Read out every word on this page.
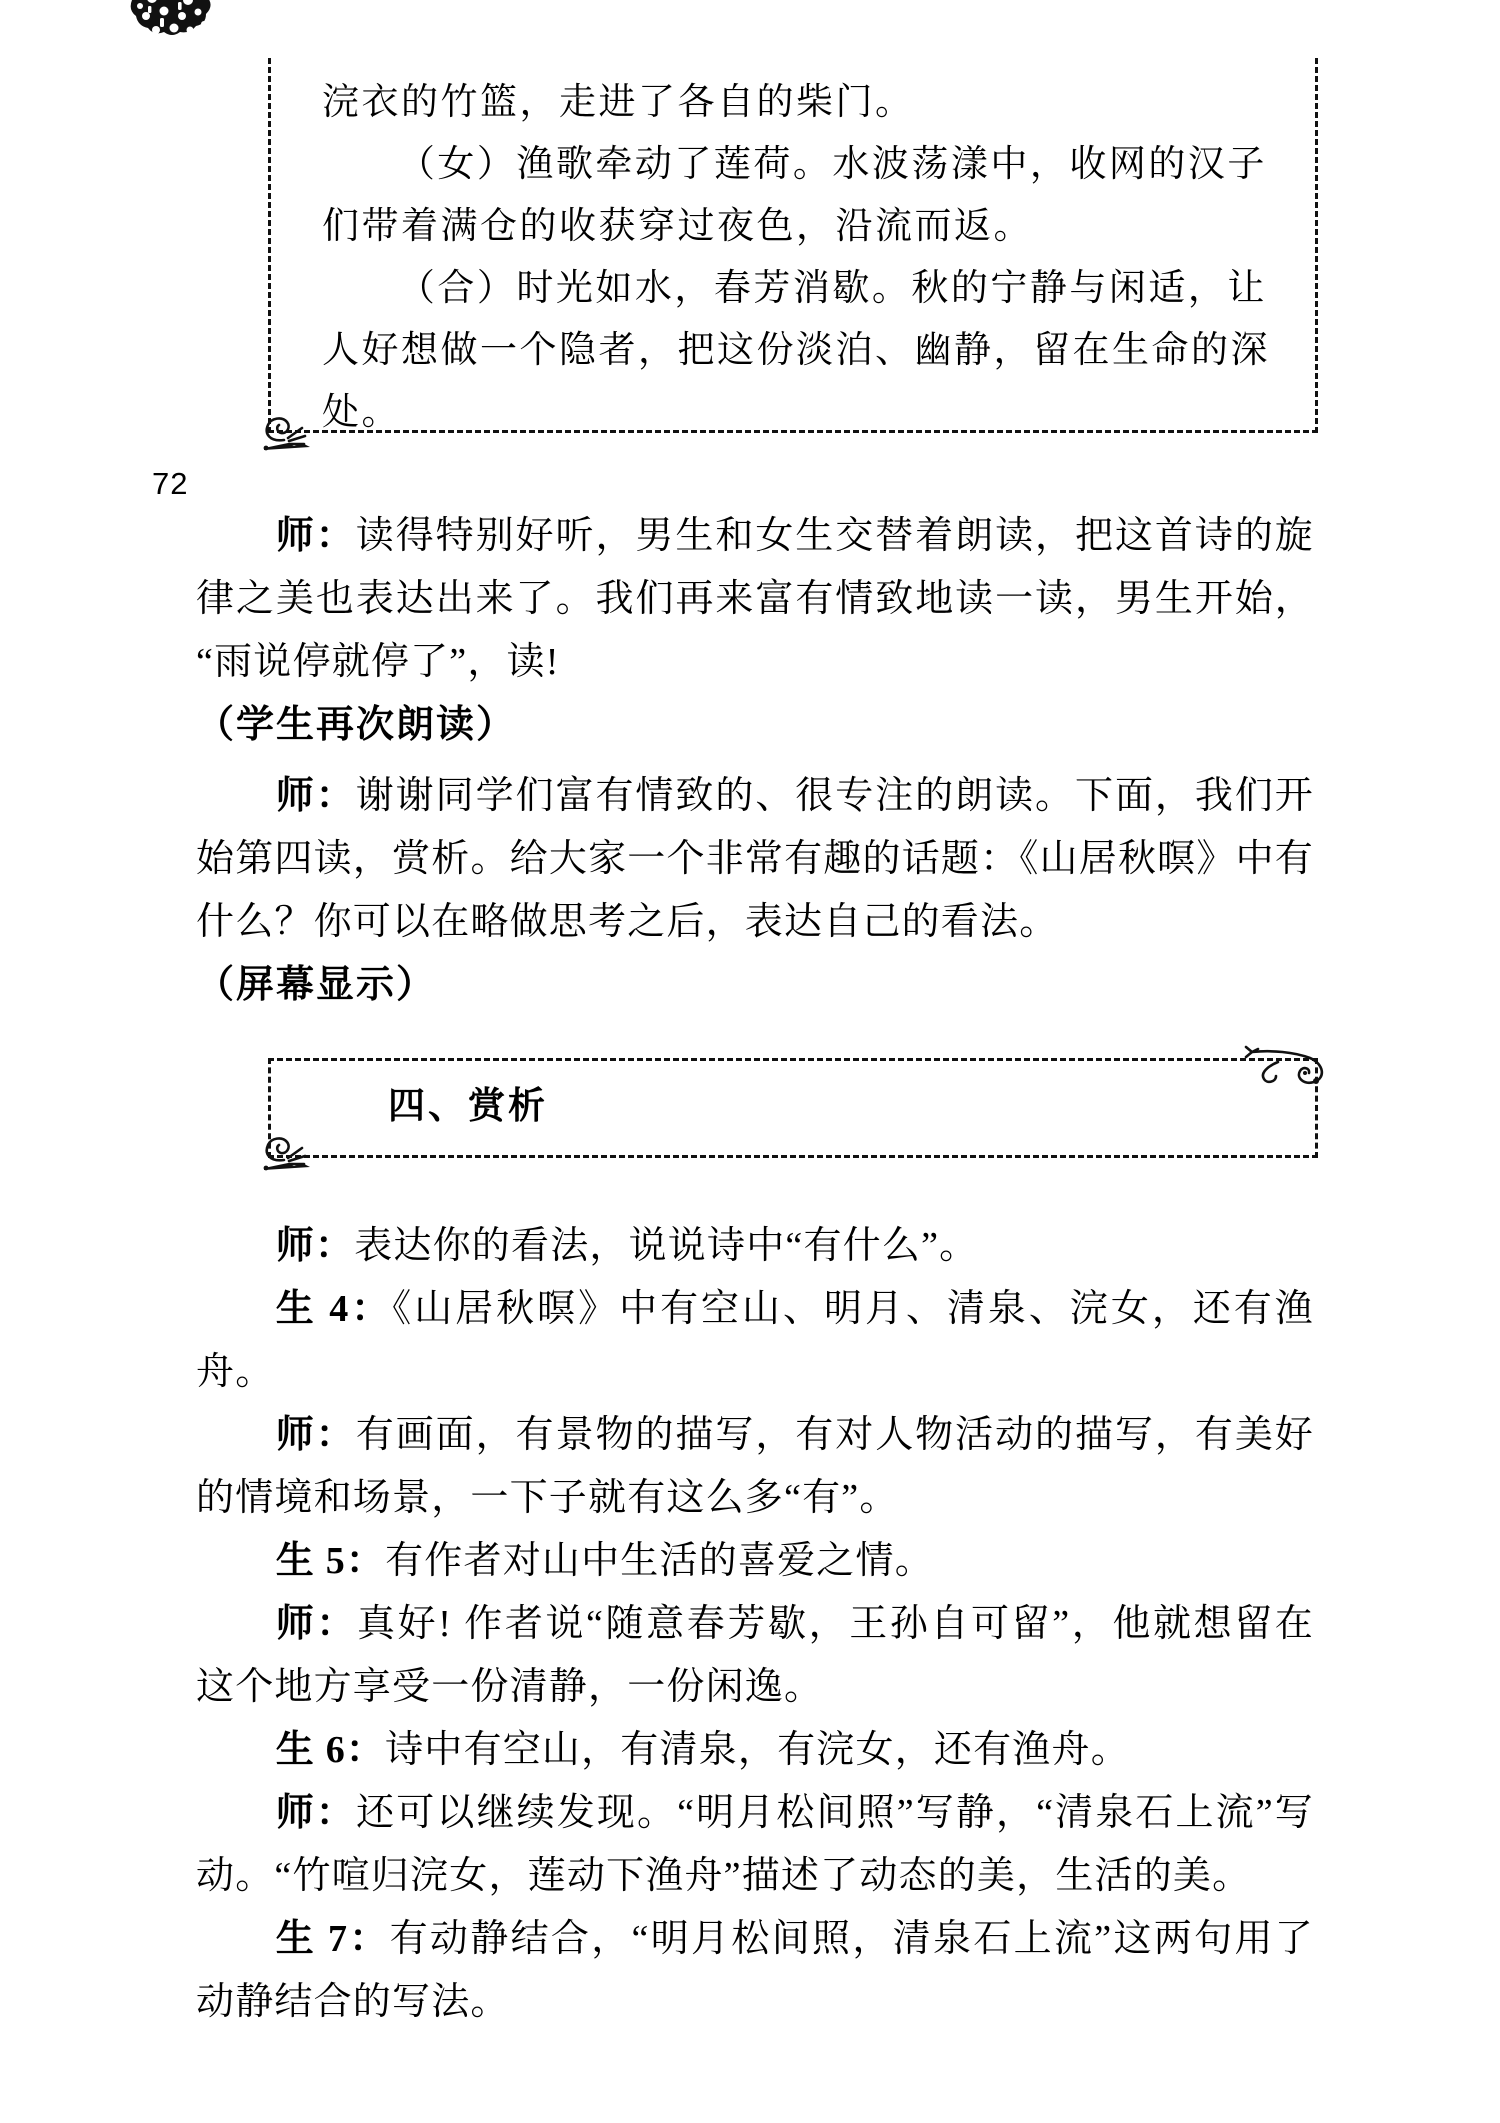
72

浣衣的竹篮，走进了各自的柴门。

（女）渔歌牵动了莲荷。水波荡漾中，收网的汉子们带着满仓的收获穿过夜色，沿流而返。

（合）时光如水，春芳消歇。秋的宁静与闲适，让人好想做一个隐者，把这份淡泊、幽静，留在生命的深处。

师：读得特别好听，男生和女生交替着朗读，把这首诗的旋律之美也表达出来了。我们再来富有情致地读一读，男生开始，“雨说停就停了”，读!

（学生再次朗读）

师：谢谢同学们富有情致的、很专注的朗读。下面，我们开始第四读，赏析。给大家一个非常有趣的话题：《山居秋暝》中有什么？你可以在略做思考之后，表达自己的看法。

（屏幕显示）

四、赏析

师：表达你的看法，说说诗中“有什么”。

生 4：《山居秋暝》中有空山、明月、清泉、浣女，还有渔舟。

师：有画面，有景物的描写，有对人物活动的描写，有美好的情境和场景，一下子就有这么多“有”。

生 5：有作者对山中生活的喜爱之情。

师：真好! 作者说“随意春芳歇，王孙自可留”，他就想留在这个地方享受一份清静，一份闲逸。

生 6：诗中有空山，有清泉，有浣女，还有渔舟。

师：还可以继续发现。“明月松间照”写静，“清泉石上流”写动。“竹喧归浣女，莲动下渔舟”描述了动态的美，生活的美。

生 7：有动静结合，“明月松间照，清泉石上流”这两句用了动静结合的写法。
